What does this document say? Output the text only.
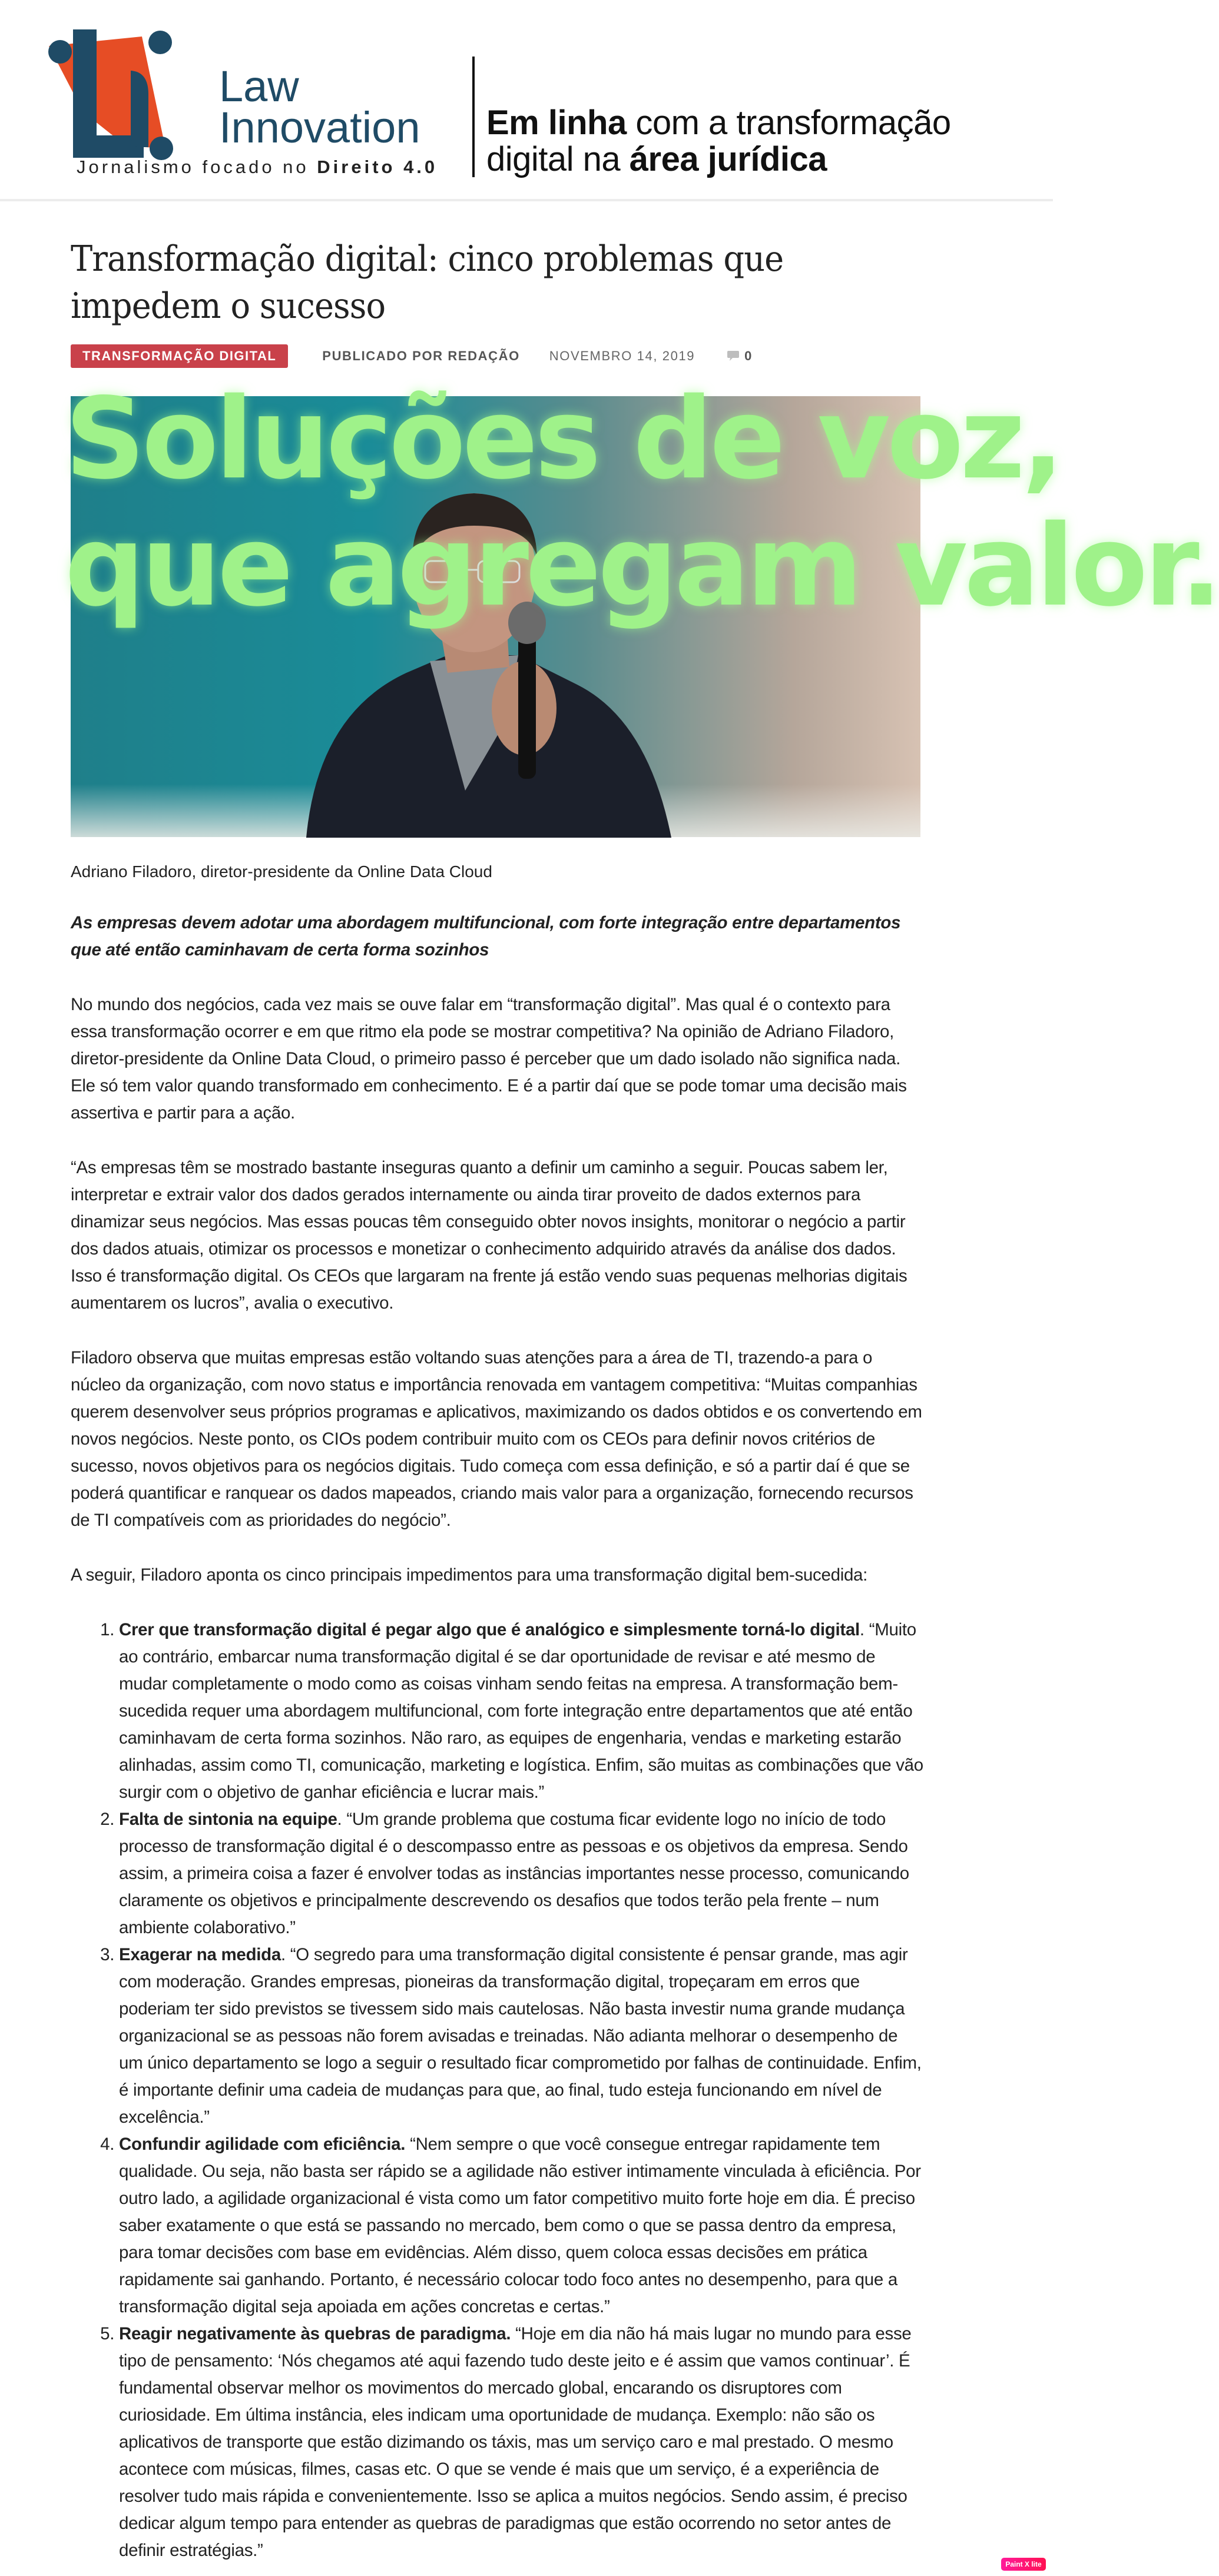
Law
Innovation
Jornalismo focado no Direito 4.0
Em linha com a transformação
digital na área jurídica
Transformação digital: cinco problemas que impedem o sucesso
TRANSFORMAÇÃO DIGITAL	PUBLICADO POR REDAÇÃO NOVEMBRO 14, 2019	0
Soluções de voz,
que agregam valor.
Adriano Filadoro, diretor-presidente da Online Data Cloud

As empresas devem adotar uma abordagem multifuncional, com forte integração entre departamentos que até então caminhavam de certa forma sozinhos

No mundo dos negócios, cada vez mais se ouve falar em “transformação digital”. Mas qual é o contexto para essa transformação ocorrer e em que ritmo ela pode se mostrar competitiva? Na opinião de Adriano Filadoro, diretor-presidente da Online Data Cloud, o primeiro passo é perceber que um dado isolado não significa nada. Ele só tem valor quando transformado em conhecimento. E é a partir daí que se pode tomar uma decisão mais assertiva e partir para a ação.

“As empresas têm se mostrado bastante inseguras quanto a definir um caminho a seguir. Poucas sabem ler, interpretar e extrair valor dos dados gerados internamente ou ainda tirar proveito de dados externos para dinamizar seus negócios. Mas essas poucas têm conseguido obter novos insights, monitorar o negócio a partir dos dados atuais, otimizar os processos e monetizar o conhecimento adquirido através da análise dos dados. Isso é transformação digital. Os CEOs que largaram na frente já estão vendo suas pequenas melhorias digitais aumentarem os lucros”, avalia o executivo.

Filadoro observa que muitas empresas estão voltando suas atenções para a área de TI, trazendo-a para o núcleo da organização, com novo status e importância renovada em vantagem competitiva: “Muitas companhias querem desenvolver seus próprios programas e aplicativos, maximizando os dados obtidos e os convertendo em novos negócios. Neste ponto, os CIOs podem contribuir muito com os CEOs para definir novos critérios de sucesso, novos objetivos para os negócios digitais. Tudo começa com essa definição, e só a partir daí é que se poderá quantificar e ranquear os dados mapeados, criando mais valor para a organização, fornecendo recursos de TI compatíveis com as prioridades do negócio”.

A seguir, Filadoro aponta os cinco principais impedimentos para uma transformação digital bem-sucedida:

1. Crer que transformação digital é pegar algo que é analógico e simplesmente torná-lo digital. “Muito ao contrário, embarcar numa transformação digital é se dar oportunidade de revisar e até mesmo de mudar completamente o modo como as coisas vinham sendo feitas na empresa. A transformação bem-sucedida requer uma abordagem multifuncional, com forte integração entre departamentos que até então caminhavam de certa forma sozinhos. Não raro, as equipes de engenharia, vendas e marketing estarão alinhadas, assim como TI, comunicação, marketing e logística. Enfim, são muitas as combinações que vão surgir com o objetivo de ganhar eficiência e lucrar mais.”
2. Falta de sintonia na equipe. “Um grande problema que costuma ficar evidente logo no início de todo processo de transformação digital é o descompasso entre as pessoas e os objetivos da empresa. Sendo assim, a primeira coisa a fazer é envolver todas as instâncias importantes nesse processo, comunicando claramente os objetivos e principalmente descrevendo os desafios que todos terão pela frente – num ambiente colaborativo.”
3. Exagerar na medida. “O segredo para uma transformação digital consistente é pensar grande, mas agir com moderação. Grandes empresas, pioneiras da transformação digital, tropeçaram em erros que poderiam ter sido previstos se tivessem sido mais cautelosas. Não basta investir numa grande mudança organizacional se as pessoas não forem avisadas e treinadas. Não adianta melhorar o desempenho de um único departamento se logo a seguir o resultado ficar comprometido por falhas de continuidade. Enfim, é importante definir uma cadeia de mudanças para que, ao final, tudo esteja funcionando em nível de excelência.”
4. Confundir agilidade com eficiência. “Nem sempre o que você consegue entregar rapidamente tem qualidade. Ou seja, não basta ser rápido se a agilidade não estiver intimamente vinculada à eficiência. Por outro lado, a agilidade organizacional é vista como um fator competitivo muito forte hoje em dia. É preciso saber exatamente o que está se passando no mercado, bem como o que se passa dentro da empresa, para tomar decisões com base em evidências. Além disso, quem coloca essas decisões em prática rapidamente sai ganhando. Portanto, é necessário colocar todo foco antes no desempenho, para que a transformação digital seja apoiada em ações concretas e certas.”
5. Reagir negativamente às quebras de paradigma. “Hoje em dia não há mais lugar no mundo para esse tipo de pensamento: ‘Nós chegamos até aqui fazendo tudo deste jeito e é assim que vamos continuar’. É fundamental observar melhor os movimentos do mercado global, encarando os disruptores com curiosidade. Em última instância, eles indicam uma oportunidade de mudança. Exemplo: não são os aplicativos de transporte que estão dizimando os táxis, mas um serviço caro e mal prestado. O mesmo acontece com músicas, filmes, casas etc. O que se vende é mais que um serviço, é a experiência de resolver tudo mais rápida e convenientemente. Isso se aplica a muitos negócios. Sendo assim, é preciso dedicar algum tempo para entender as quebras de paradigmas que estão ocorrendo no setor antes de definir estratégias.”
Paint X lite
